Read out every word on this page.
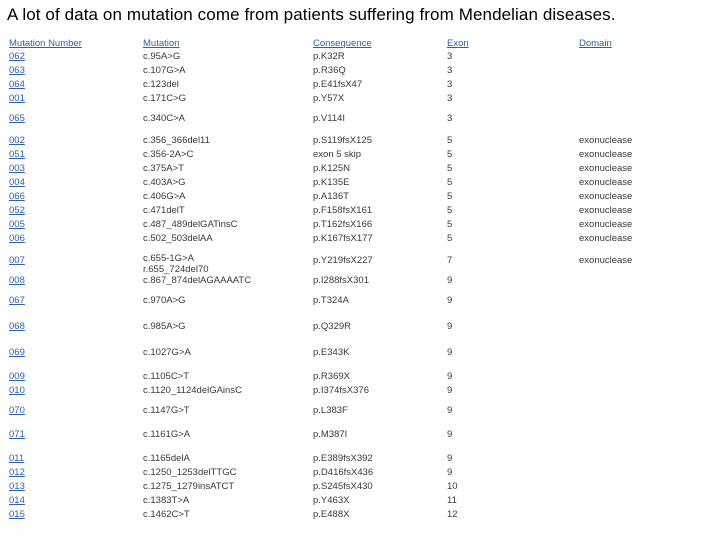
A lot of data on mutation come from patients suffering from Mendelian diseases.
Mutation Number	Mutation	Consequence	Exon	Domain
062	c.95A>G	p.K32R	3
063	c.107G>A	p.R36Q	3
064	c.123del	p.E41fsX47	3
001	c.171C>G	p.Y57X	3
065	c.340C>A	p.V114I	3
002	c.356_366del11	p.S119fsX125	5	exonuclease
051	c.356-2A>C	exon 5 skip	5	exonuclease
003	c.375A>T	p.K125N	5	exonuclease
004	c.403A>G	p.K135E	5	exonuclease
066	c.406G>A	p.A136T	5	exonuclease
052	c.471delT	p.F158fsX161	5	exonuclease
005	c.487_489delGATinsC	p.T162fsX166	5	exonuclease
006	c.502_503delAA	p.K167fsX177	5	exonuclease
007	c.655-1G>A	p.Y219fsX227	7	exonuclease
r.655_724del70
008	c.867_874delAGAAAATC	p.I288fsX301	9
067	c.970A>G	p.T324A	9
068	c.985A>G	p.Q329R	9
069	c.1027G>A	p.E343K	9
009	c.1105C>T	p.R369X	9
010	c.1120_1124delGAinsC	p.I374fsX376	9
070	c.1147G>T	p.L383F	9
071	c.1161G>A	p.M387I	9
011	c.1165delA	p.E389fsX392	9
012	c.1250_1253delTTGC	p.D416fsX436	9
013	c.1275_1279insATCT	p.S245fsX430	10
014	c.1383T>A	p.Y463X	11
015	c.1462C>T	p.E488X	12
